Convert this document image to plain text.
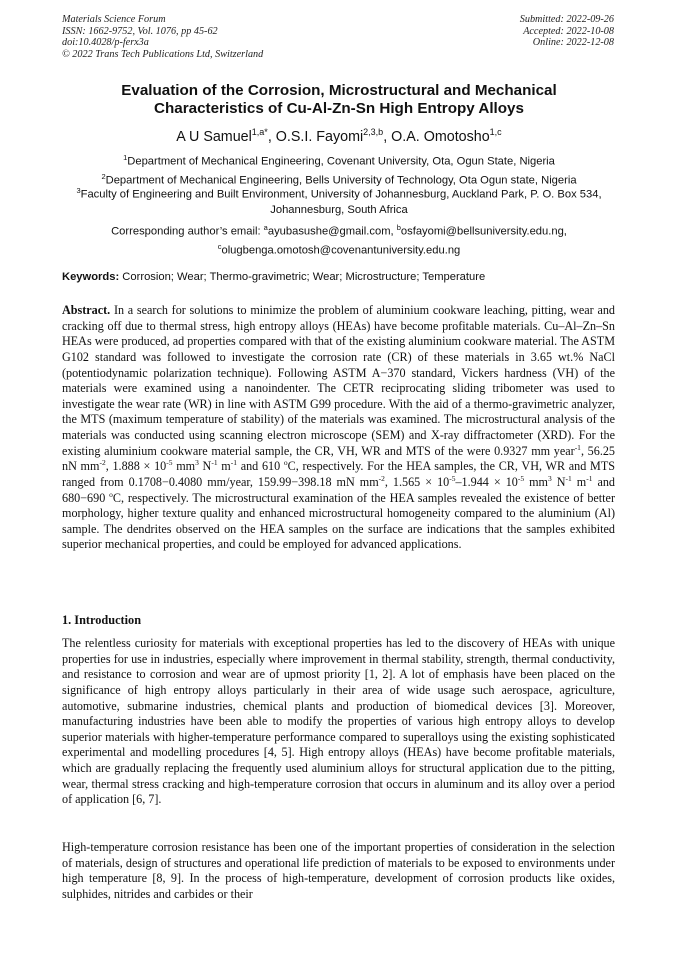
Materials Science Forum
ISSN: 1662-9752, Vol. 1076, pp 45-62
doi:10.4028/p-ferx3a
© 2022 Trans Tech Publications Ltd, Switzerland
Submitted: 2022-09-26
Accepted: 2022-10-08
Online: 2022-12-08
Evaluation of the Corrosion, Microstructural and Mechanical
Characteristics of Cu-Al-Zn-Sn High Entropy Alloys
A U Samuel$^{1,a*}$, O.S.I. Fayomi$^{2,3,b}$, O.A. Omotosho$^{1,c}$
$^1$Department of Mechanical Engineering, Covenant University, Ota, Ogun State, Nigeria
$^2$Department of Mechanical Engineering, Bells University of Technology, Ota Ogun state, Nigeria
$^3$Faculty of Engineering and Built Environment, University of Johannesburg, Auckland Park, P. O. Box 534, Johannesburg, South Africa
Corresponding author’s email: $^a$ayubasushe@gmail.com, $^b$osfayomi@bellsuniversity.edu.ng,
$^c$olugbenga.omotosh@covenantuniversity.edu.ng
Keywords: Corrosion; Wear; Thermo-gravimetric; Wear; Microstructure; Temperature
Abstract. In a search for solutions to minimize the problem of aluminium cookware leaching, pitting, wear and cracking off due to thermal stress, high entropy alloys (HEAs) have become profitable materials. Cu–Al–Zn–Sn HEAs were produced, ad properties compared with that of the existing aluminium cookware material. The ASTM G102 standard was followed to investigate the corrosion rate (CR) of these materials in 3.65 wt.% NaCl (potentiodynamic polarization technique). Following ASTM A−370 standard, Vickers hardness (VH) of the materials were examined using a nanoindenter. The CETR reciprocating sliding tribometer was used to investigate the wear rate (WR) in line with ASTM G99 procedure. With the aid of a thermo-gravimetric analyzer, the MTS (maximum temperature of stability) of the materials was examined. The microstructural analysis of the materials was conducted using scanning electron microscope (SEM) and X-ray diffractometer (XRD). For the existing aluminium cookware material sample, the CR, VH, WR and MTS of the were 0.9327 mm year$^{-1}$, 56.25 nN $mm^{-2}$, $1.888 \times 10^{-5}$ $mm^3$ $N^{-1}$ $m^{-1}$ and 610 $^o$C, respectively. For the HEA samples, the CR, VH, WR and MTS ranged from 0.1708−0.4080 mm/year, 159.99−398.18 mN $mm^{-2}$, $1.565 \times 10^{-5}-1.944 \times 10^{-5}$ $mm^3$ $N^{-1}$ $m^{-1}$ and 680−690 $^o$C, respectively. The microstructural examination of the HEA samples revealed the existence of better morphology, higher texture quality and enhanced microstructural homogeneity compared to the aluminium (Al) sample. The dendrites observed on the HEA samples on the surface are indications that the samples exhibited superior mechanical properties, and could be employed for advanced applications.
1. Introduction
The relentless curiosity for materials with exceptional properties has led to the discovery of HEAs with unique properties for use in industries, especially where improvement in thermal stability, strength, thermal conductivity, and resistance to corrosion and wear are of upmost priority [1, 2]. A lot of emphasis have been placed on the significance of high entropy alloys particularly in their area of wide usage such aerospace, agriculture, automotive, submarine industries, chemical plants and production of biomedical devices [3]. Moreover, manufacturing industries have been able to modify the properties of various high entropy alloys to develop superior materials with higher-temperature performance compared to superalloys using the existing sophisticated experimental and modelling procedures [4, 5]. High entropy alloys (HEAs) have become profitable materials, which are gradually replacing the frequently used aluminium alloys for structural application due to the pitting, wear, thermal stress cracking and high-temperature corrosion that occurs in aluminum and its alloy over a period of application [6, 7].
High-temperature corrosion resistance has been one of the important properties of consideration in the selection of materials, design of structures and operational life prediction of materials to be exposed to environments under high temperature [8, 9]. In the process of high-temperature, development of corrosion products like oxides, sulphides, nitrides and carbides or their
